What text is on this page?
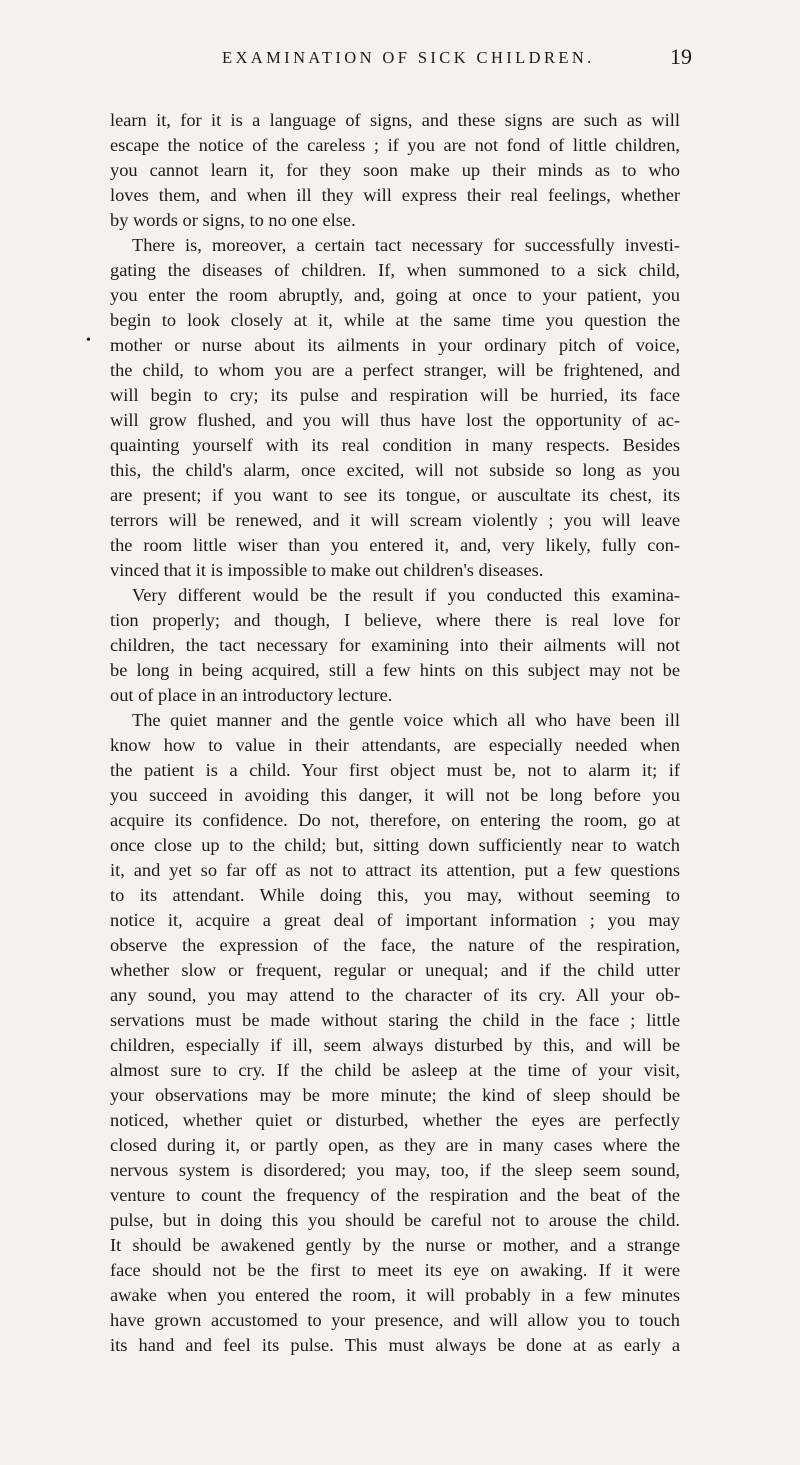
EXAMINATION OF SICK CHILDREN.	19
•
learn it, for it is a language of signs, and these signs are such as will
escape the notice of the careless ; if you are not fond of little children,
you cannot learn it, for they soon make up their minds as to who
loves them, and when ill they will express their real feelings, whether
by words or signs, to no one else.
There is, moreover, a certain tact necessary for successfully investi-
gating the diseases of children. If, when summoned to a sick child,
you enter the room abruptly, and, going at once to your patient, you
begin to look closely at it, while at the same time you question the
mother or nurse about its ailments in your ordinary pitch of voice,
the child, to whom you are a perfect stranger, will be frightened, and
will begin to cry; its pulse and respiration will be hurried, its face
will grow flushed, and you will thus have lost the opportunity of ac-
quainting yourself with its real condition in many respects. Besides
this, the child's alarm, once excited, will not subside so long as you
are present; if you want to see its tongue, or auscultate its chest, its
terrors will be renewed, and it will scream violently ; you will leave
the room little wiser than you entered it, and, very likely, fully con-
vinced that it is impossible to make out children's diseases.
Very different would be the result if you conducted this examina-
tion properly; and though, I believe, where there is real love for
children, the tact necessary for examining into their ailments will not
be long in being acquired, still a few hints on this subject may not be
out of place in an introductory lecture.
The quiet manner and the gentle voice which all who have been ill
know how to value in their attendants, are especially needed when
the patient is a child. Your first object must be, not to alarm it; if
you succeed in avoiding this danger, it will not be long before you
acquire its confidence. Do not, therefore, on entering the room, go at
once close up to the child; but, sitting down sufficiently near to watch
it, and yet so far off as not to attract its attention, put a few questions
to its attendant. While doing this, you may, without seeming to
notice it, acquire a great deal of important information ; you may
observe the expression of the face, the nature of the respiration,
whether slow or frequent, regular or unequal; and if the child utter
any sound, you may attend to the character of its cry. All your ob-
servations must be made without staring the child in the face ; little
children, especially if ill, seem always disturbed by this, and will be
almost sure to cry. If the child be asleep at the time of your visit,
your observations may be more minute; the kind of sleep should be
noticed, whether quiet or disturbed, whether the eyes are perfectly
closed during it, or partly open, as they are in many cases where the
nervous system is disordered; you may, too, if the sleep seem sound,
venture to count the frequency of the respiration and the beat of the
pulse, but in doing this you should be careful not to arouse the child.
It should be awakened gently by the nurse or mother, and a strange
face should not be the first to meet its eye on awaking. If it were
awake when you entered the room, it will probably in a few minutes
have grown accustomed to your presence, and will allow you to touch
its hand and feel its pulse. This must always be done at as early a
